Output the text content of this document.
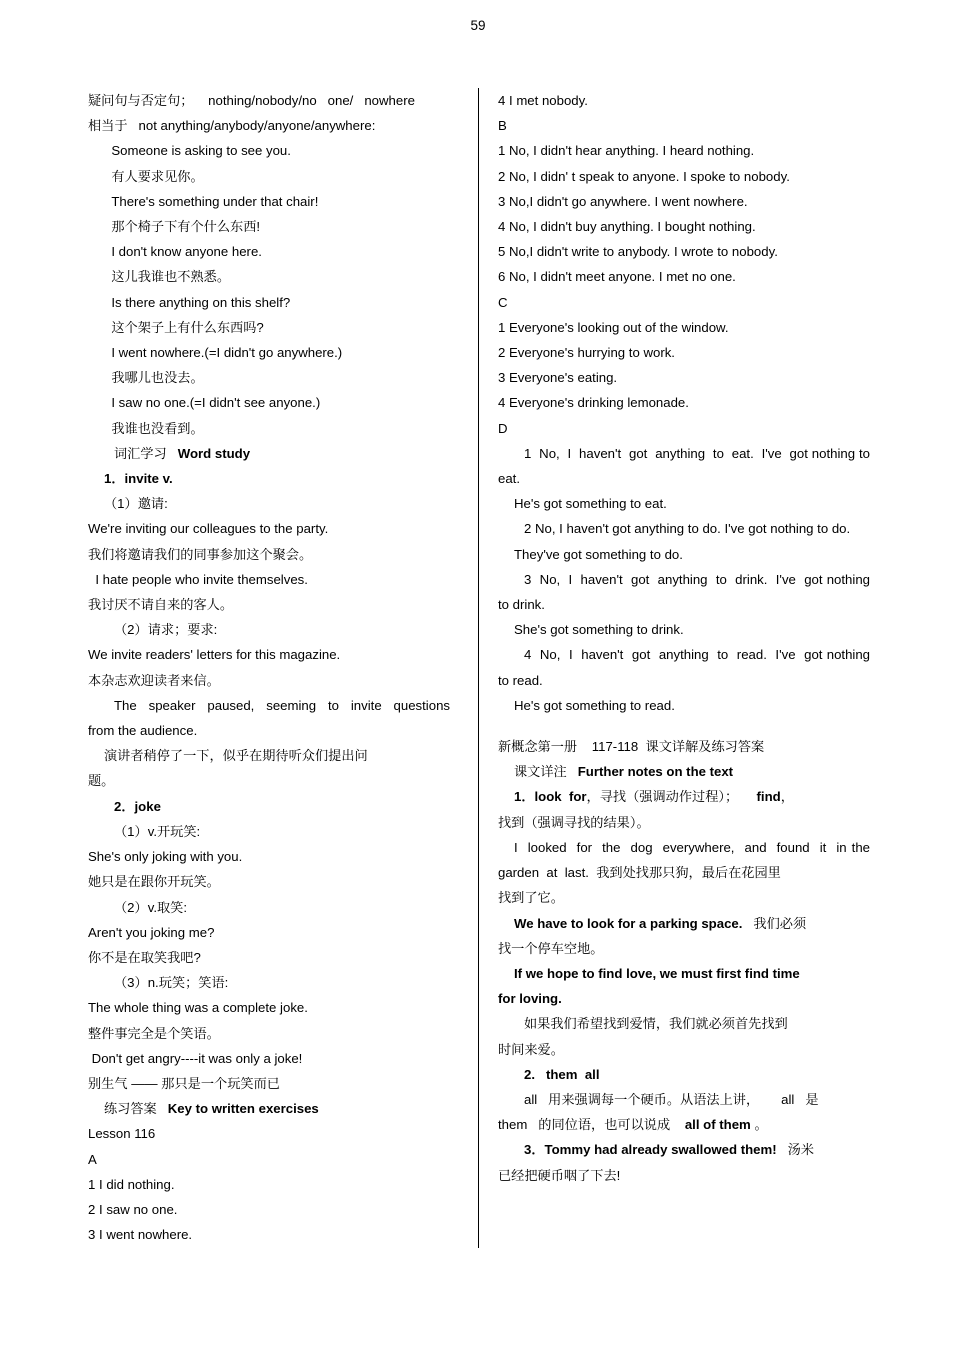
59

疑问句与否定句；    nothing/nobody/no   one/   nowhere

相当于   not anything/anybody/anyone/anywhere:

Someone is asking to see you.

有人要求见你。

There's something under that chair!

那个椅子下有个什么东西!

I don't know anyone here.

这儿我谁也不熟悉。

Is there anything on this shelf?

这个架子上有什么东西吗?

I went nowhere.(=I didn't go anywhere.)

我哪儿也没去。

I saw no one.(=I didn't see anyone.)

我谁也没看到。

词汇学习 Word study

1．invite v.

（1）邀请:

We're inviting our colleagues to the party.

我们将邀请我们的同事参加这个聚会。

I hate people who invite themselves.

我讨厌不请自来的客人。

（2）请求；要求:

We invite readers' letters for this magazine.

本杂志欢迎读者来信。

The  speaker  paused,  seeming  to  invite  questions from the audience.

演讲者稍停了一下，似乎在期待听众们提出问

题。

2．joke

（1）v.开玩笑:

She's only joking with you.

她只是在跟你开玩笑。

（2）v.取笑:

Aren't you joking me?

你不是在取笑我吧?

（3）n.玩笑；笑语:

The whole thing was a complete joke.

整件事完全是个笑语。

Don't get angry----it was only a joke!

别生气 —— 那只是一个玩笑而已

练习答案 Key to written exercises

Lesson 116

A

1 I did nothing.

2 I saw no one.

3 I went nowhere.

4 I met nobody.

B

1 No, I didn't hear anything. I heard nothing.

2 No, I didn' t speak to anyone. I spoke to nobody.

3 No,I didn't go anywhere. I went nowhere.

4 No, I didn't buy anything. I bought nothing.

5 No,I didn't write to anybody. I wrote to nobody.

6 No, I didn't meet anyone. I met no one.

C

1 Everyone's looking out of the window.

2 Everyone's hurrying to work.

3 Everyone's eating.

4 Everyone's drinking lemonade.

D

1  No,  I  haven't  got  anything  to  eat.  I've  got nothing to eat.

He's got something to eat.

2 No, I haven't got anything to do. I've got nothing to do.

They've got something to do.

3  No,  I  haven't  got  anything  to  drink.  I've  got nothing to drink.

She's got something to drink.

4  No,  I  haven't  got  anything  to  read.  I've  got nothing to read.

He's got something to read.

新概念第一册    117-118  课文详解及练习答案

课文详注 Further notes on the text

1．look  for，寻找（强调动作过程）； find，

找到（强调寻找的结果）。

I  looked  for  the  dog  everywhere,  and  found  it  in the  garden  at  last.  我到处找那只狗，最后在花园里

找到了它。

We have to look for a parking space. 我们必须

找一个停车空地。

If we hope to find love, we must first find time

for loving.

如果我们希望找到爱情，我们就必须首先找到

时间来爱。

2.   them  all

all   用来强调每一个硬币。从语法上讲， all   是

them   的同位语，也可以说成 all of them 。

3．Tommy had already swallowed them! 汤米

已经把硬币咽了下去!
